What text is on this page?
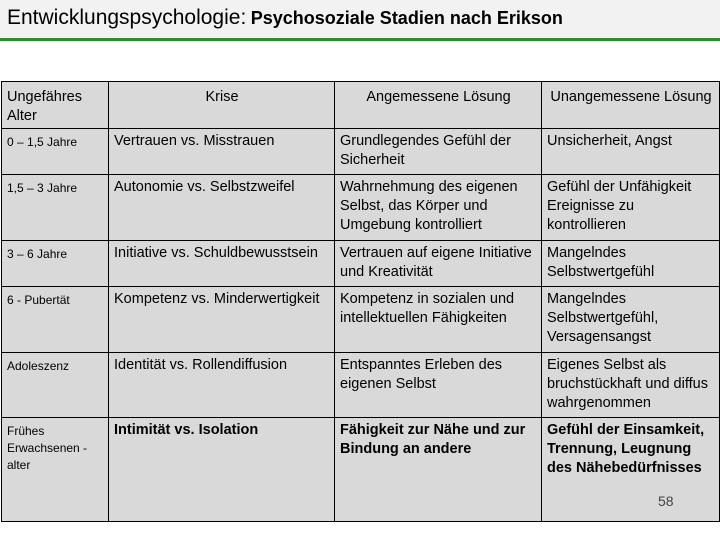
Entwicklungspsychologie: Psychosoziale Stadien nach Erikson
Ungefähres Alter	Krise	Angemessene Lösung	Unangemessene Lösung
0 – 1,5 Jahre	Vertrauen vs. Misstrauen	Grundlegendes Gefühl der Sicherheit	Unsicherheit, Angst
1,5 – 3 Jahre	Autonomie vs. Selbstzweifel	Wahrnehmung des eigenen Selbst, das Körper und Umgebung kontrolliert	Gefühl der Unfähigkeit Ereignisse zu kontrollieren
3 – 6 Jahre	Initiative vs. Schuldbewusstsein	Vertrauen auf eigene Initiative und Kreativität	Mangelndes Selbstwertgefühl
6 - Pubertät	Kompetenz vs. Minderwertigkeit	Kompetenz in sozialen und intellektuellen Fähigkeiten	Mangelndes Selbstwertgefühl, Versagensangst
Adoleszenz	Identität vs. Rollendiffusion	Entspanntes Erleben des eigenen Selbst	Eigenes Selbst als bruchstückhaft und diffus wahrgenommen
Frühes Erwachsenen -alter	Intimität vs. Isolation	Fähigkeit zur Nähe und zur Bindung an andere	Gefühl der Einsamkeit, Trennung, Leugnung des Nähebedürfnisses
58
